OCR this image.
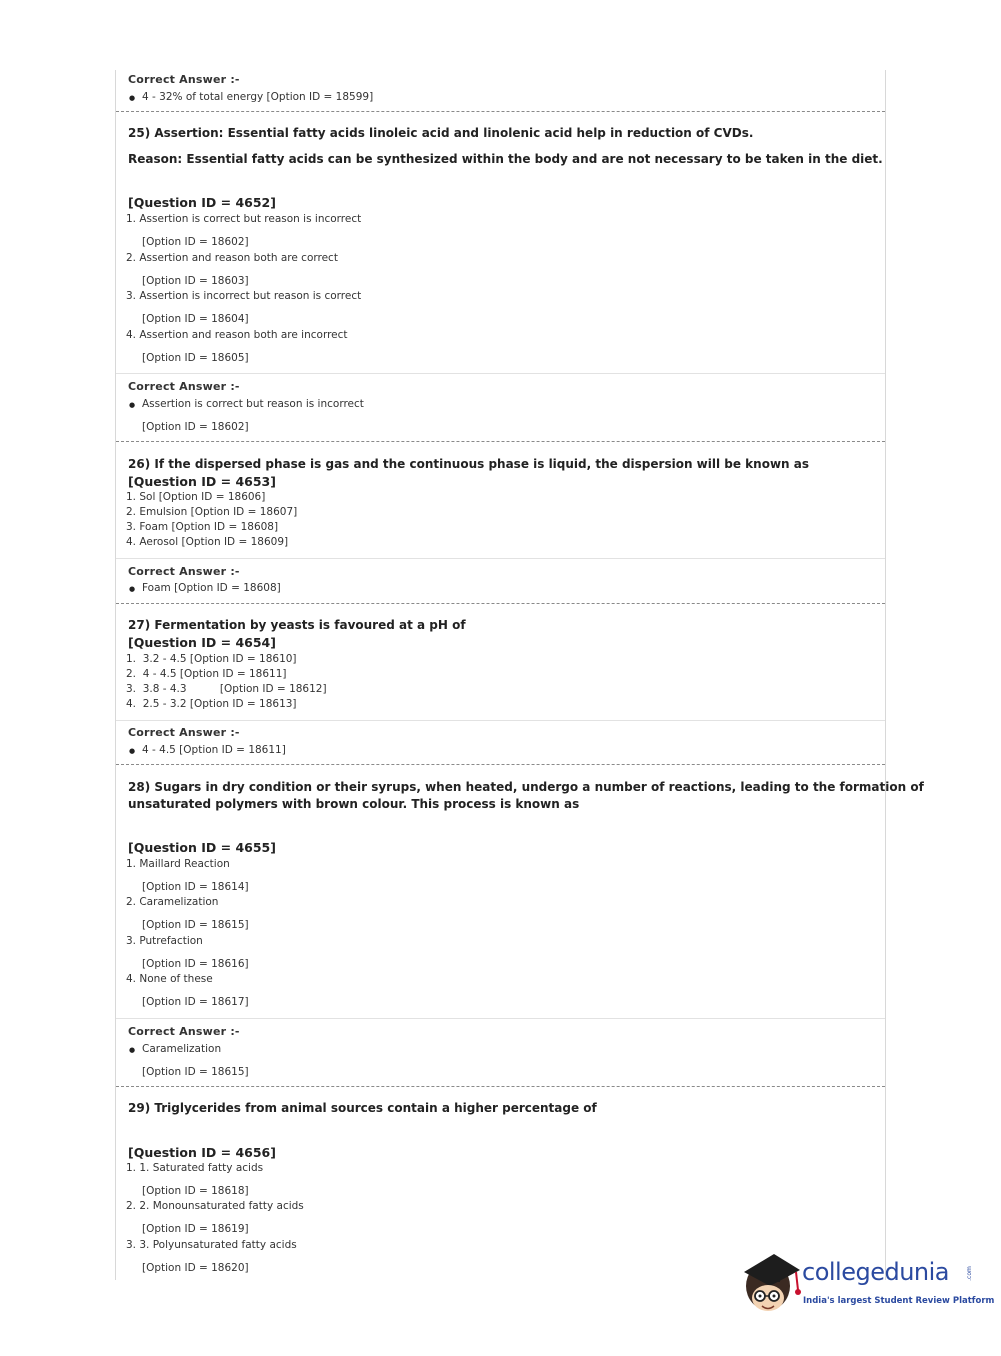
Correct Answer :-
● 4 - 32% of total energy [Option ID = 18599]
25) Assertion: Essential fatty acids linoleic acid and linolenic acid help in reduction of CVDs.
Reason: Essential fatty acids can be synthesized within the body and are not necessary to be taken in the diet.
[Question ID = 4652]
1. Assertion is correct but reason is incorrect
[Option ID = 18602]
2. Assertion and reason both are correct
[Option ID = 18603]
3. Assertion is incorrect but reason is correct
[Option ID = 18604]
4. Assertion and reason both are incorrect
[Option ID = 18605]
Correct Answer :-
● Assertion is correct but reason is incorrect
[Option ID = 18602]
26) If the dispersed phase is gas and the continuous phase is liquid, the dispersion will be known as
[Question ID = 4653]
1. Sol [Option ID = 18606]
2. Emulsion [Option ID = 18607]
3. Foam [Option ID = 18608]
4. Aerosol [Option ID = 18609]
Correct Answer :-
● Foam [Option ID = 18608]
27) Fermentation by yeasts is favoured at a pH of
[Question ID = 4654]
1.  3.2 - 4.5 [Option ID = 18610]
2.  4 - 4.5 [Option ID = 18611]
3.  3.8 - 4.3          [Option ID = 18612]
4.  2.5 - 3.2 [Option ID = 18613]
Correct Answer :-
● 4 - 4.5 [Option ID = 18611]
28) Sugars in dry condition or their syrups, when heated, undergo a number of reactions, leading to the formation of
unsaturated polymers with brown colour. This process is known as
[Question ID = 4655]
1. Maillard Reaction
[Option ID = 18614]
2. Caramelization
[Option ID = 18615]
3. Putrefaction
[Option ID = 18616]
4. None of these
[Option ID = 18617]
Correct Answer :-
● Caramelization
[Option ID = 18615]
29) Triglycerides from animal sources contain a higher percentage of
[Question ID = 4656]
1. 1. Saturated fatty acids
[Option ID = 18618]
2. 2. Monounsaturated fatty acids
[Option ID = 18619]
3. 3. Polyunsaturated fatty acids
[Option ID = 18620]	collegedunia	.com
India's largest Student Review Platform
